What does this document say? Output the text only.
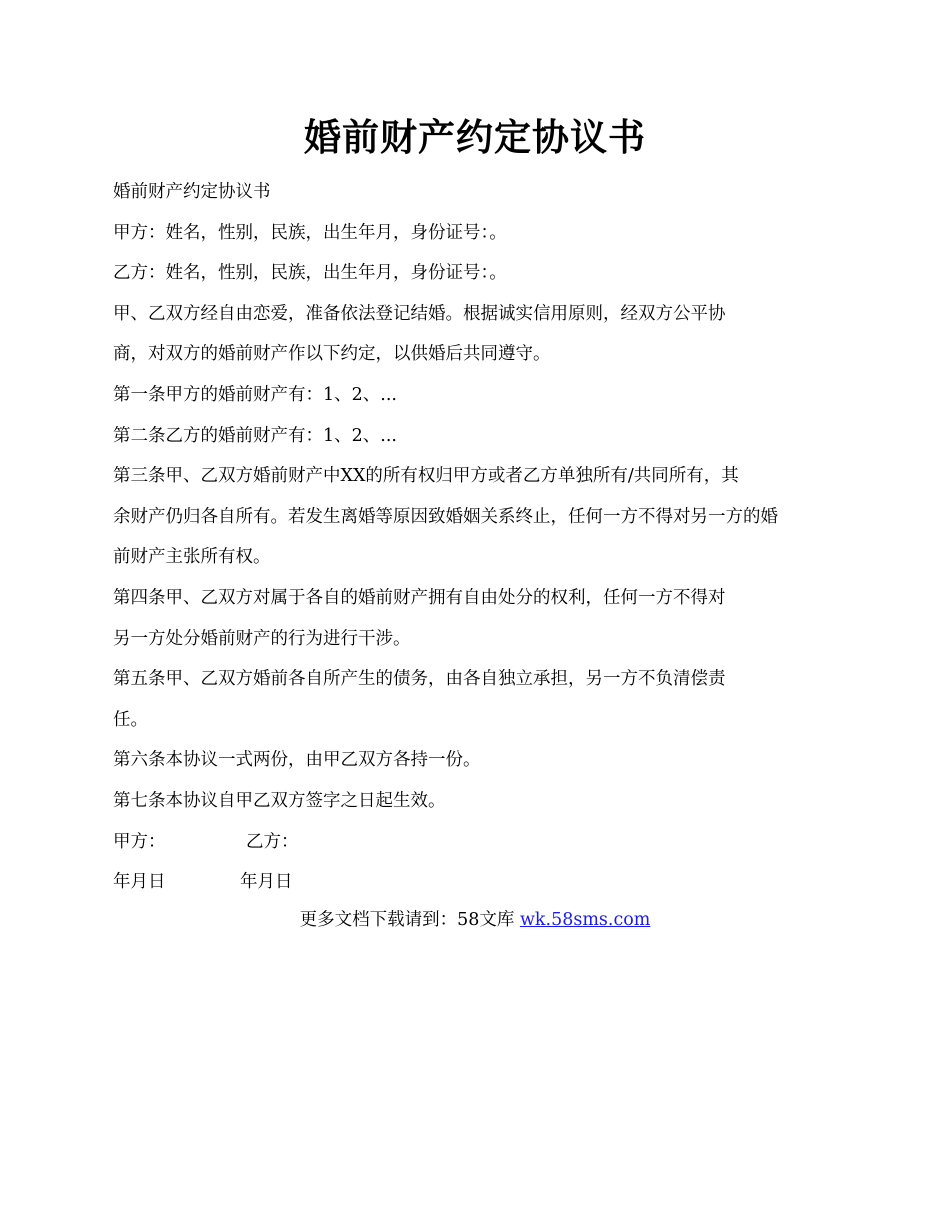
婚前财产约定协议书
婚前财产约定协议书
甲方：姓名，性别，民族，出生年月，身份证号：。
乙方：姓名，性别，民族，出生年月，身份证号：。
甲、乙双方经自由恋爱，准备依法登记结婚。根据诚实信用原则，经双方公平协
商，对双方的婚前财产作以下约定，以供婚后共同遵守。
第一条甲方的婚前财产有：1、2、...
第二条乙方的婚前财产有：1、2、...
第三条甲、乙双方婚前财产中XX的所有权归甲方或者乙方单独所有/共同所有，其
余财产仍归各自所有。若发生离婚等原因致婚姻关系终止，任何一方不得对另一方的婚
前财产主张所有权。
第四条甲、乙双方对属于各自的婚前财产拥有自由处分的权利，任何一方不得对
另一方处分婚前财产的行为进行干涉。
第五条甲、乙双方婚前各自所产生的债务，由各自独立承担，另一方不负清偿责
任。
第六条本协议一式两份，由甲乙双方各持一份。
第七条本协议自甲乙双方签字之日起生效。
甲方：	乙方：
年月日	年月日
更多文档下载请到：58文库 wk.58sms.com
